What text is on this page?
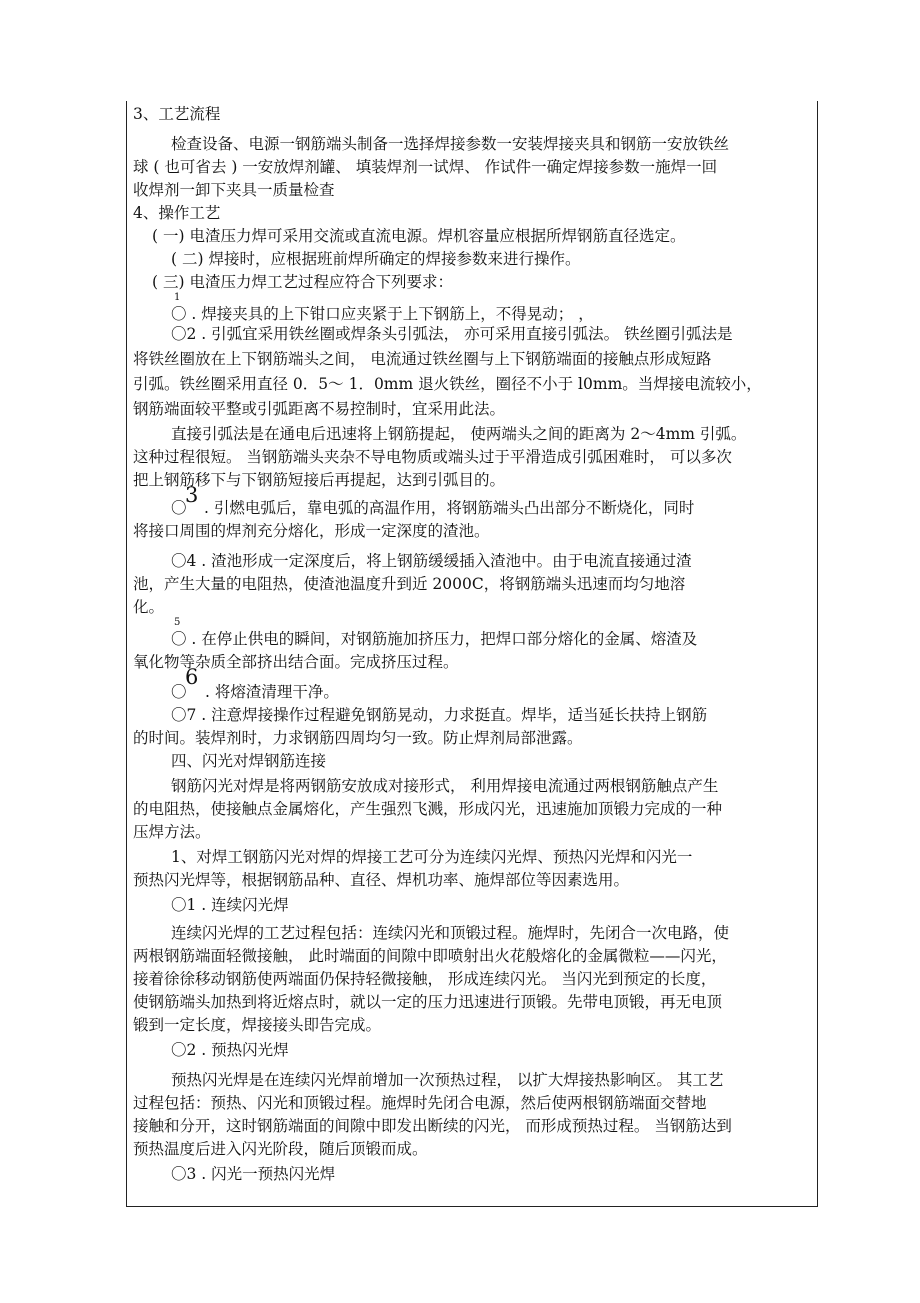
3、工艺流程
检查设备、电源一钢筋端头制备一选择焊接参数一安装焊接夹具和钢筋一安放铁丝
球 ( 也可省去 ) 一安放焊剂罐、 填装焊剂一试焊、 作试件一确定焊接参数一施焊一回
收焊剂一卸下夹具一质量检查
4、操作工艺
( 一) 电渣压力焊可采用交流或直流电源。焊机容量应根据所焊钢筋直径选定。
( 二) 焊接时，应根据班前焊所确定的焊接参数来进行操作。
( 三) 电渣压力焊工艺过程应符合下列要求：
1
〇 . 焊接夹具的上下钳口应夹紧于上下钢筋上，不得晃动； ，
〇2 . 引弧宜采用铁丝圈或焊条头引弧法， 亦可采用直接引弧法。 铁丝圈引弧法是
将铁丝圈放在上下钢筋端头之间， 电流通过铁丝圈与上下钢筋端面的接触点形成短路
引弧。铁丝圈采用直径 0．5～ 1．0mm 退火铁丝，圈径不小于 l0mm。当焊接电流较小，
钢筋端面较平整或引弧距离不易控制时，宜采用此法。
直接引弧法是在通电后迅速将上钢筋提起， 使两端头之间的距离为 2～4mm 引弧。
这种过程很短。 当钢筋端头夹杂不导电物质或端头过于平滑造成引弧困难时， 可以多次
把上钢筋移下与下钢筋短接后再提起，达到引弧目的。
〇
3
. 引燃电弧后，靠电弧的高温作用，将钢筋端头凸出部分不断烧化，同时
将接口周围的焊剂充分熔化，形成一定深度的渣池。
〇4 . 渣池形成一定深度后，将上钢筋缓缓插入渣池中。由于电流直接通过渣
池，产生大量的电阻热，使渣池温度升到近 2000C，将钢筋端头迅速而均匀地溶
化。
5
〇 . 在停止供电的瞬间，对钢筋施加挤压力，把焊口部分熔化的金属、熔渣及
氧化物等杂质全部挤出结合面。完成挤压过程。
〇
6
. 将熔渣清理干净。
〇7 . 注意焊接操作过程避免钢筋晃动，力求挺直。焊毕，适当延长扶持上钢筋
的时间。装焊剂时，力求钢筋四周均匀一致。防止焊剂局部泄露。
四、闪光对焊钢筋连接
钢筋闪光对焊是将两钢筋安放成对接形式， 利用焊接电流通过两根钢筋触点产生
的电阻热，使接触点金属熔化，产生强烈飞溅，形成闪光，迅速施加顶锻力完成的一种
压焊方法。
1、对焊工钢筋闪光对焊的焊接工艺可分为连续闪光焊、预热闪光焊和闪光一
预热闪光焊等，根据钢筋品种、直径、焊机功率、施焊部位等因素选用。
〇1 . 连续闪光焊
连续闪光焊的工艺过程包括：连续闪光和顶锻过程。施焊时，先闭合一次电路，使
两根钢筋端面轻微接触， 此时端面的间隙中即喷射出火花般熔化的金属微粒——闪光，
接着徐徐移动钢筋使两端面仍保持轻微接触， 形成连续闪光。 当闪光到预定的长度，
使钢筋端头加热到将近熔点时，就以一定的压力迅速进行顶锻。先带电顶锻，再无电顶
锻到一定长度，焊接接头即告完成。
〇2 . 预热闪光焊
预热闪光焊是在连续闪光焊前增加一次预热过程， 以扩大焊接热影响区。 其工艺
过程包括：预热、闪光和顶锻过程。施焊时先闭合电源，然后使两根钢筋端面交替地
接触和分开，这时钢筋端面的间隙中即发出断续的闪光， 而形成预热过程。 当钢筋达到
预热温度后进入闪光阶段，随后顶锻而成。
〇3 . 闪光一预热闪光焊
